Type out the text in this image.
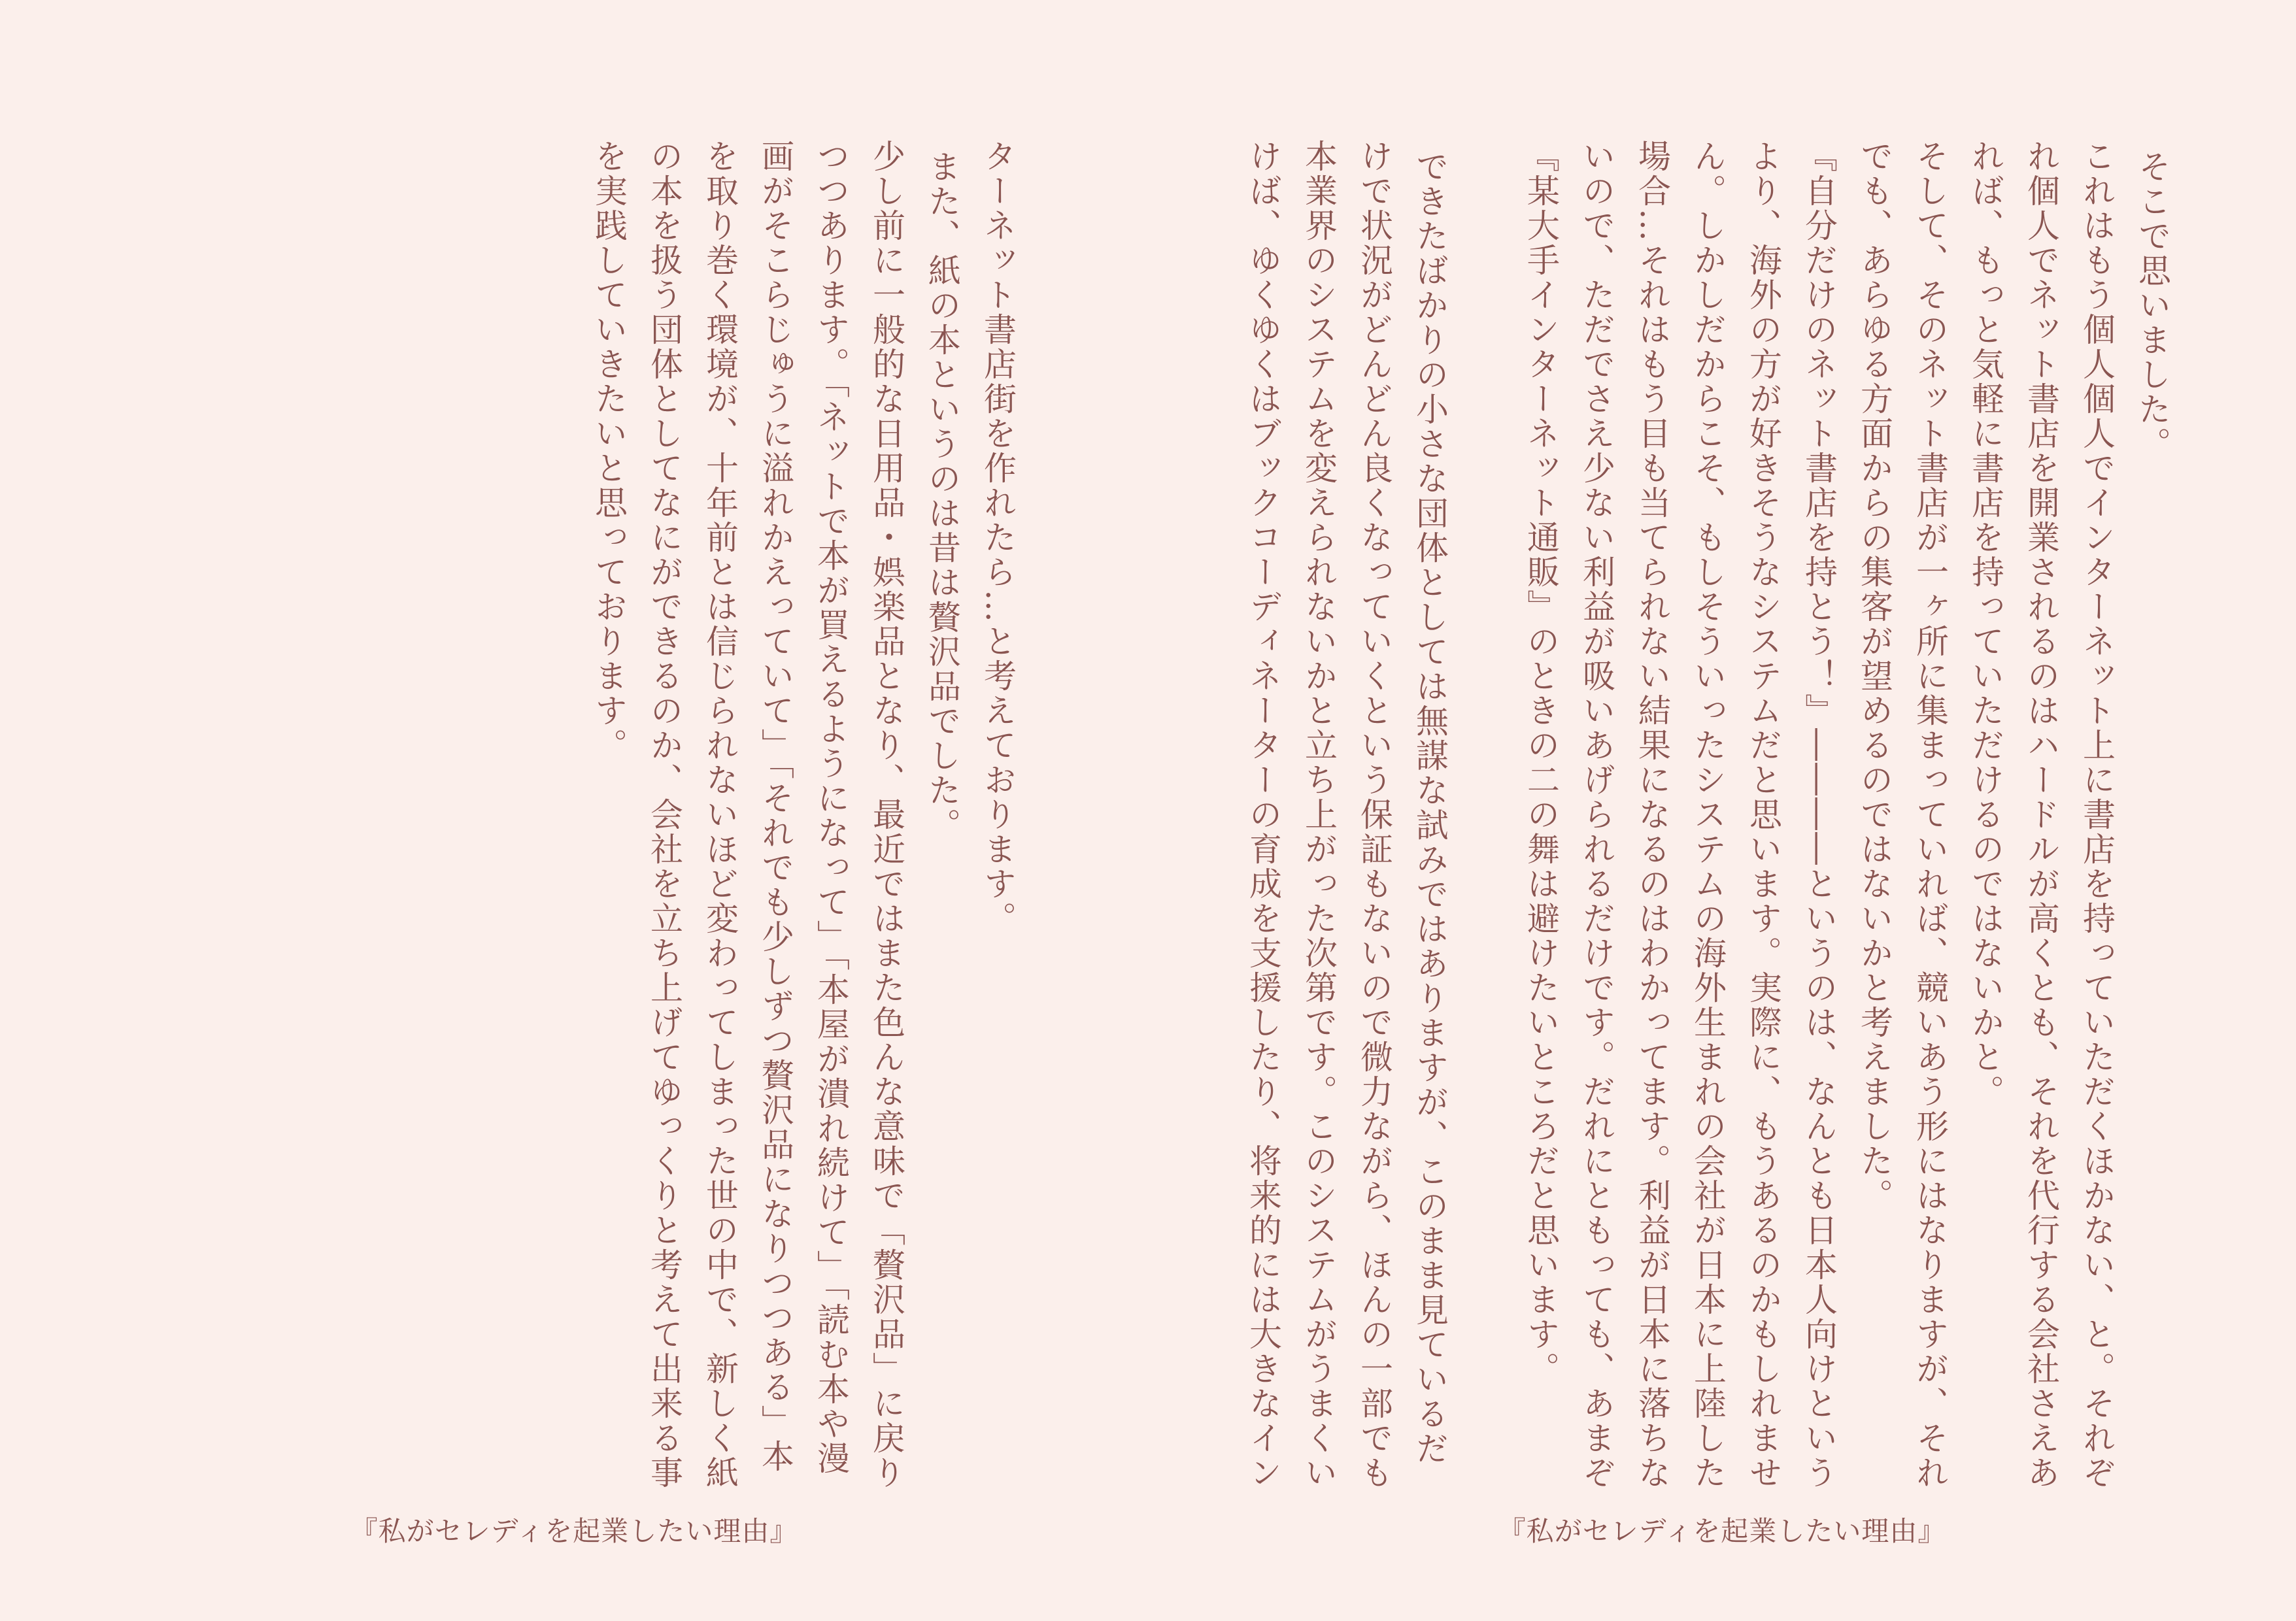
ターネット書店街を作れたら…と考えております。

また、紙の本というのは昔は贅沢品でした。

少し前に一般的な日用品・娯楽品となり、最近ではまた色んな意味で「贅沢品」に戻りつつあります。「ネットで本が買えるようになって」「本屋が潰れ続けて」「読む本や漫画がそこらじゅうに溢れかえっていて」「それでも少しずつ贅沢品になりつつある」本を取り巻く環境が、十年前とは信じられないほど変わってしまった世の中で、新しく紙の本を扱う団体としてなにができるのか、会社を立ち上げてゆっくりと考えて出来る事を実践していきたいと思っております。

『私がセレディを起業したい理由』

そこで思いました。

これはもう個人個人でインターネット上に書店を持っていただくほかない、と。それぞれ個人でネット書店を開業されるのはハードルが高くとも、それを代行する会社さえあれば、もっと気軽に書店を持っていただけるのではないかと。

そして、そのネット書店が一ヶ所に集まっていれば、競いあう形にはなりますが、それでも、あらゆる方面からの集客が望めるのではないかと考えました。

『自分だけのネット書店を持とう！』――――というのは、なんとも日本人向けというより、海外の方が好きそうなシステムだと思います。実際に、もうあるのかもしれません。しかしだからこそ、もしそういったシステムの海外生まれの会社が日本に上陸した場合…それはもう目も当てられない結果になるのはわかってます。利益が日本に落ちないので、ただでさえ少ない利益が吸いあげられるだけです。だれにともっても、あまぞ『某大手インターネット通販』のときの二の舞は避けたいところだと思います。

できたばかりの小さな団体としては無謀な試みではありますが、このまま見ているだけで状況がどんどん良くなっていくという保証もないので微力ながら、ほんの一部でも本業界のシステムを変えられないかと立ち上がった次第です。このシステムがうまくいけば、ゆくゆくはブックコーディネーターの育成を支援したり、将来的には大きなイン

『私がセレディを起業したい理由』
